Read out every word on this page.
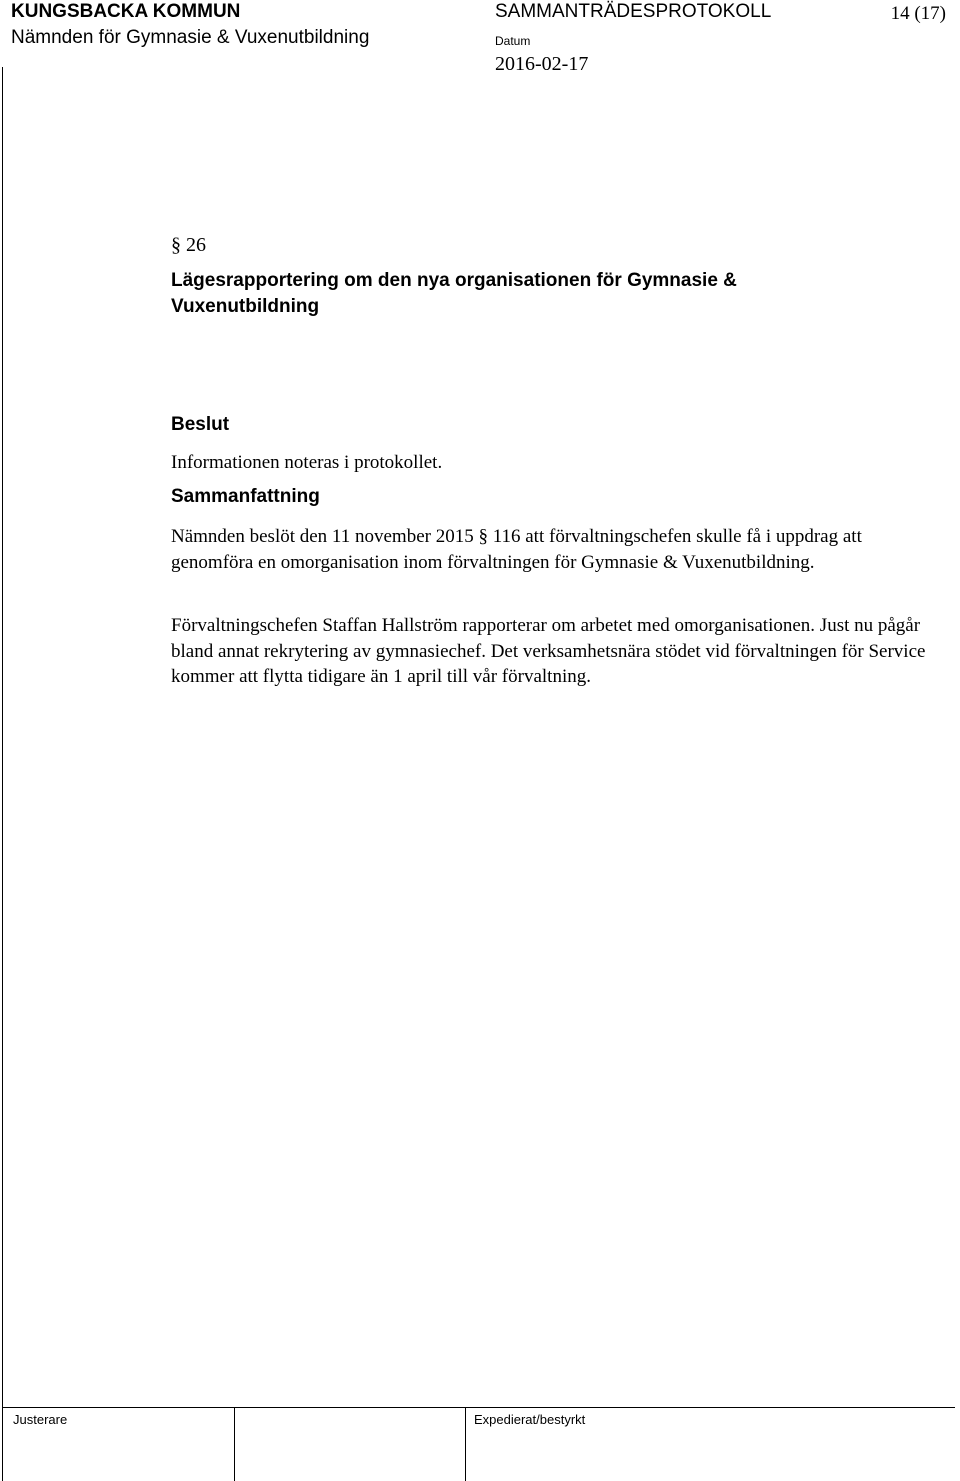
KUNGSBACKA KOMMUN
Nämnden för Gymnasie & Vuxenutbildning
SAMMANTRÄDESPROTOKOLL	14 (17)
Datum
2016-02-17
§ 26
Lägesrapportering om den nya organisationen för Gymnasie & Vuxenutbildning
Beslut
Informationen noteras i protokollet.
Sammanfattning
Nämnden beslöt den 11 november 2015 § 116 att förvaltningschefen skulle få i uppdrag att genomföra en omorganisation inom förvaltningen för Gymnasie & Vuxenutbildning.
Förvaltningschefen Staffan Hallström rapporterar om arbetet med omorganisationen. Just nu pågår bland annat rekrytering av gymnasiechef. Det verksamhetsnära stödet vid förvaltningen för Service kommer att flytta tidigare än 1 april till vår förvaltning.
Justerare	Expedierat/bestyrkt
